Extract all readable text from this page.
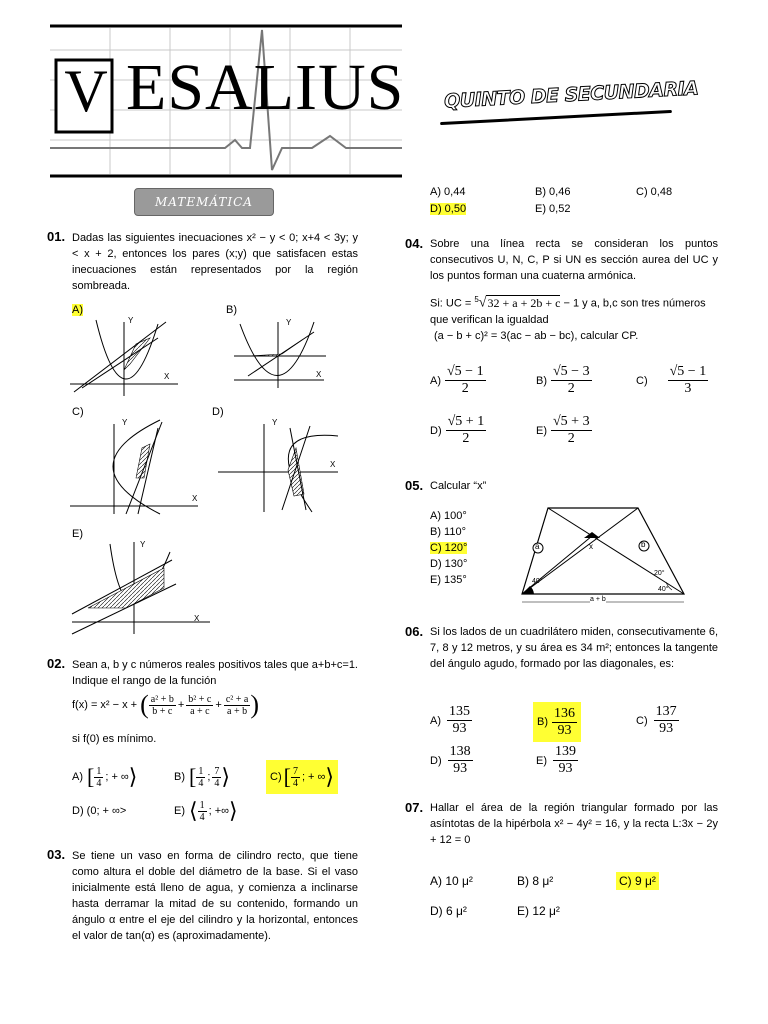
V ESALIUS QUINTO DE SECUNDARIA
MATEMÁTICA
01. Dadas las siguientes inecuaciones x² − y < 0; x+4 < 3y; y < x + 2, entonces los pares (x;y) que satisfacen estas inecuaciones están representados por la región sombreada.
A)	B)
C)	D)
E)
X
Y
X
Y
X
Y
X
Y
X
Y
02. Sean a, b y c números reales positivos tales que a+b+c=1. Indique el rango de la función
f(x) = x² − x + ( $\frac{\text{a² + b}}{b + c} + \frac{\text{b² + c}}{a + c} + \frac{\text{c² + a}}{a + b}$ )
si f(0) es mínimo.
A) [ $\frac{1}{4}$ ; + ∞ ⟩	B) [ $\frac{1}{4}$ ; $\frac{7}{4}$ ⟩	C) [ $\frac{7}{4}$ ; + ∞ ⟩
D) (0; + ∞>	E) ⟨ $\frac{1}{4}$ ; +∞ ⟩
03. Se tiene un vaso en forma de cilindro recto, que tiene como altura el doble del diámetro de la base. Si el vaso inicialmente está lleno de agua, y comienza a inclinarse hasta derramar la mitad de su contenido, formando un ángulo α entre el eje del cilindro y la horizontal, entonces el valor de tan(α) es (aproximadamente).
A) 0,44	B) 0,46	C) 0,48
D) 0,50	E) 0,52
04. Sobre una línea recta se consideran los puntos consecutivos U, N, C, P si UN es sección aurea del UC y los puntos forman una cuaterna armónica.
Si: UC = $^5$√32 + a + 2b + c − 1 y a, b,c son tres números que verifican la igualdad
(a − b + c)² = 3(ac − ab − bc), calcular CP.
$A) \frac{√5 - 1}{2}$	$B) \frac{√5 - 3}{2}$	$C) \frac{√5 - 1}{3}$
$D) \frac{√5 + 1}{2}$	$E) \frac{√5 + 3}{2}$
05. Calcular “x”
A) 100°
B) 110°
C) 120°
D) 130°
E) 135°
a	b
x
40°
20°
40°
a + b
06. Si los lados de un cuadrilátero miden, consecutivamente 6, 7, 8 y 12 metros, y su área es 34 m²; entonces la tangente del ángulo agudo, formado por las diagonales, es:
$A) \frac{135}{93}$	$B) \frac{136}{93}$	$C) \frac{137}{93}$
$D) \frac{138}{93}$	$E) \frac{139}{93}$
07. Hallar el área de la región triangular formado por las asíntotas de la hipérbola x² − 4y² = 16, y la recta L:3x − 2y + 12 = 0
A) 10 μ²	B) 8 μ²	C) 9 μ²
D) 6 μ²	E) 12 μ²
